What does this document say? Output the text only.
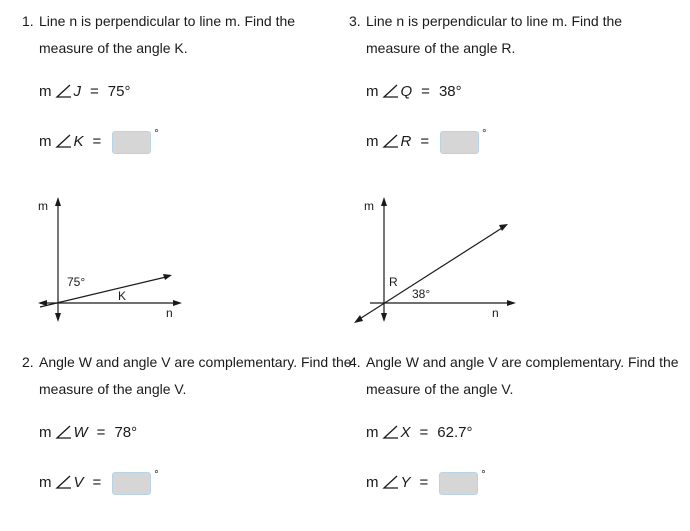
1. Line n is perpendicular to line m. Find the measure of the angle K.
m J = 75°
m K =	°
m
75°
K
n
3. Line n is perpendicular to line m. Find the measure of the angle R.
m Q = 38°
m R =	°
m
R
38°
n
2. Angle W and angle V are complementary. Find the measure of the angle V.
m W = 78°
m V =	°
4. Angle W and angle V are complementary. Find the measure of the angle V.
m X = 62.7°
m Y =	°
